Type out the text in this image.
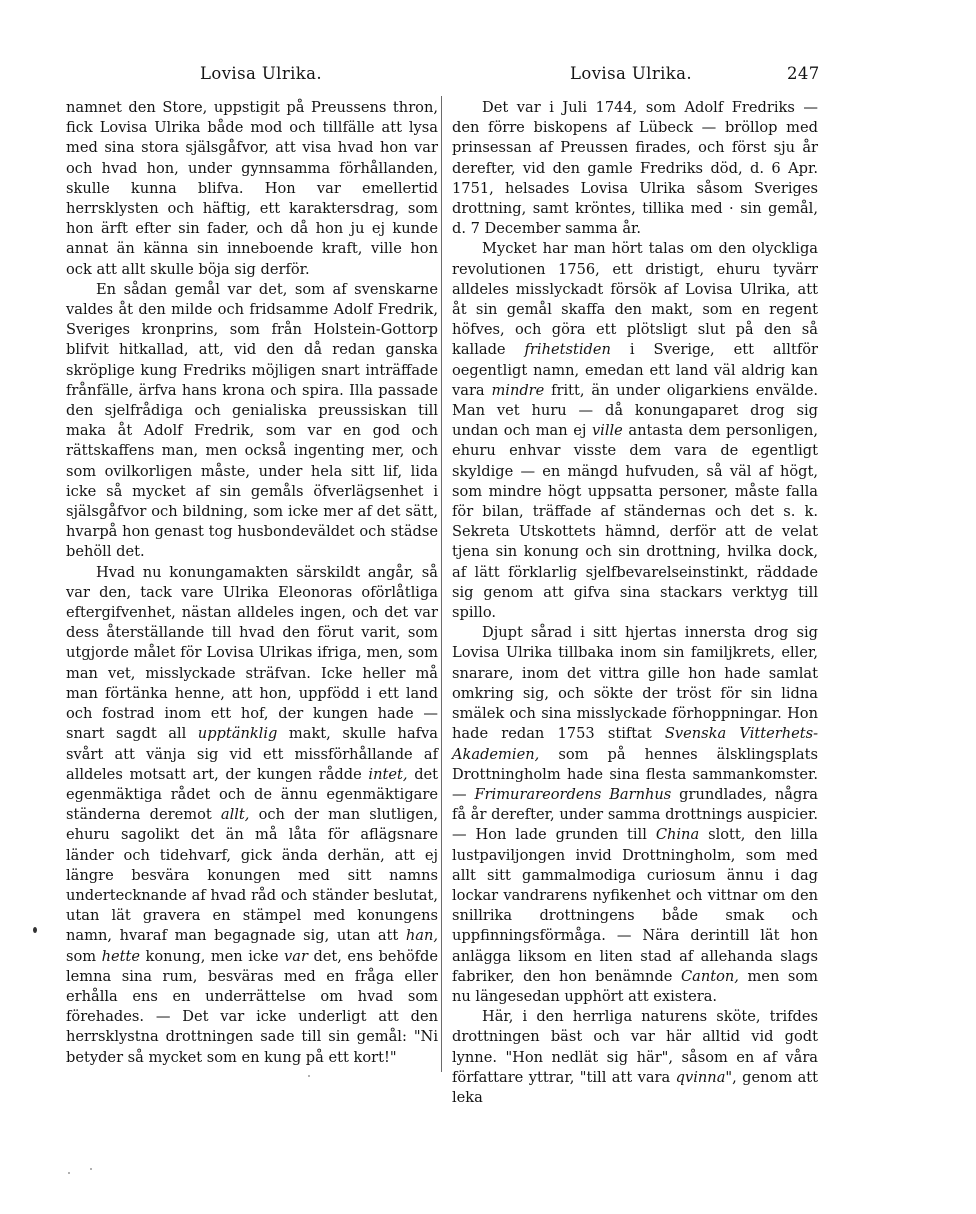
Lovisa Ulrika.	Lovisa Ulrika.	247

namnet den Store, uppstigit på Preussens thron, fick Lovisa Ulrika både mod och tillfälle att lysa med sina stora själsgåfvor, att visa hvad hon var och hvad hon, under gynnsamma förhållanden, skulle kunna blifva. Hon var emellertid herrsklysten och häftig, ett karaktersdrag, som hon ärft efter sin fader, och då hon ju ej kunde annat än känna sin inneboende kraft, ville hon ock att allt skulle böja sig derför.

En sådan gemål var det, som af svenskarne valdes åt den milde och fridsamme Adolf Fredrik, Sveriges kronprins, som från Holstein-Gottorp blifvit hitkallad, att, vid den då redan ganska skröplige kung Fredriks möjligen snart inträffade frånfälle, ärfva hans krona och spira. Illa passade den sjelfrådiga och genialiska preussiskan till maka åt Adolf Fredrik, som var en god och rättskaffens man, men också ingenting mer, och som ovilkorligen måste, under hela sitt lif, lida icke så mycket af sin gemåls öfverlägsenhet i själsgåfvor och bildning, som icke mer af det sätt, hvarpå hon genast tog husbondeväldet och städse behöll det.

Hvad nu konungamakten särskildt angår, så var den, tack vare Ulrika Eleonoras oförlåtliga eftergifvenhet, nästan alldeles ingen, och det var dess återställande till hvad den förut varit, som utgjorde målet för Lovisa Ulrikas ifriga, men, som man vet, misslyckade sträfvan. Icke heller må man förtänka henne, att hon, uppfödd i ett land och fostrad inom ett hof, der kungen hade — snart sagdt all upptänklig makt, skulle hafva svårt att vänja sig vid ett missförhållande af alldeles motsatt art, der kungen rådde intet, det egenmäktiga rådet och de ännu egenmäktigare ständerna deremot allt, och der man slutligen, ehuru sagolikt det än må låta för aflägsnare länder och tidehvarf, gick ända derhän, att ej längre besvära konungen med sitt namns undertecknande af hvad råd och ständer beslutat, utan lät gravera en stämpel med konungens namn, hvaraf man begagnade sig, utan att han, som hette konung, men icke var det, ens behöfde lemna sina rum, besväras med en fråga eller erhålla ens en underrättelse om hvad som förehades. — Det var icke underligt att den herrsklystna drottningen sade till sin gemål: "Ni betyder så mycket som en kung på ett kort!"

Det var i Juli 1744, som Adolf Fredriks — den förre biskopens af Lübeck — bröllop med prinsessan af Preussen firades, och först sju år derefter, vid den gamle Fredriks död, d. 6 Apr. 1751, helsades Lovisa Ulrika såsom Sveriges drottning, samt kröntes, tillika med · sin gemål, d. 7 December samma år.

Mycket har man hört talas om den olyckliga revolutionen 1756, ett dristigt, ehuru tyvärr alldeles misslyckadt försök af Lovisa Ulrika, att åt sin gemål skaffa den makt, som en regent höfves, och göra ett plötsligt slut på den så kallade frihetstiden i Sverige, ett alltför oegentligt namn, emedan ett land väl aldrig kan vara mindre fritt, än under oligarkiens envälde. Man vet huru — då konungaparet drog sig undan och man ej ville antasta dem personligen, ehuru enhvar visste dem vara de egentligt skyldige — en mängd hufvuden, så väl af högt, som mindre högt uppsatta personer, måste falla för bilan, träffade af ständernas och det s. k. Sekreta Utskottets hämnd, derför att de velat tjena sin konung och sin drottning, hvilka dock, af lätt förklarlig sjelfbevarelseinstinkt, räddade sig genom att gifva sina stackars verktyg till spillo.

Djupt sårad i sitt hjertas innersta drog sig Lovisa Ulrika tillbaka inom sin familjkrets, eller, snarare, inom det vittra gille hon hade samlat omkring sig, och sökte der tröst för sin lidna smälek och sina misslyckade förhoppningar. Hon hade redan 1753 stiftat Svenska Vitterhets-Akademien, som på hennes älsklingsplats Drottningholm hade sina flesta sammankomster. — Frimurareordens Barnhus grundlades, några få år derefter, under samma drottnings auspicier. — Hon lade grunden till China slott, den lilla lustpaviljongen invid Drottningholm, som med allt sitt gammalmodiga curiosum ännu i dag lockar vandrarens nyfikenhet och vittnar om den snillrika drottningens både smak och uppfinningsförmåga. — Nära derintill lät hon anlägga liksom en liten stad af allehanda slags fabriker, den hon benämnde Canton, men som nu längesedan upphört att existera.

Här, i den herrliga naturens sköte, trifdes drottningen bäst och var här alltid vid godt lynne. "Hon nedlät sig här", såsom en af våra författare yttrar, "till att vara qvinna", genom att leka
